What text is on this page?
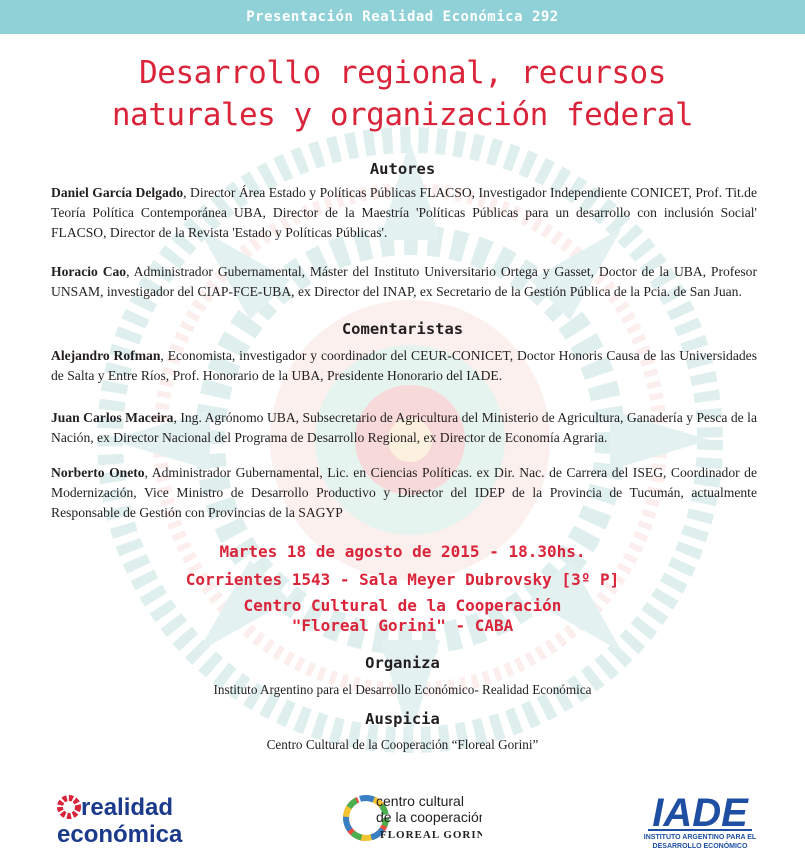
Presentación Realidad Económica 292
Desarrollo regional, recursos
naturales y organización federal
Autores
Daniel García Delgado, Director Área Estado y Políticas Públicas FLACSO, Investigador Independiente CONICET, Prof. Tit.de Teoría Política Contemporánea UBA, Director de la Maestría 'Políticas Públicas para un desarrollo con inclusión Social' FLACSO, Director de la Revista 'Estado y Políticas Públicas'.
Horacio Cao, Administrador Gubernamental, Máster del Instituto Universitario Ortega y Gasset, Doctor de la UBA, Profesor UNSAM, investigador del CIAP-FCE-UBA, ex Director del INAP, ex Secretario de la Gestión Pública de la Pcia. de San Juan.
Comentaristas
Alejandro Rofman, Economista, investigador y coordinador del CEUR-CONICET, Doctor Honoris Causa de las Universidades de Salta y Entre Ríos, Prof. Honorario de la UBA, Presidente Honorario del IADE.
Juan Carlos Maceira, Ing. Agrónomo UBA, Subsecretario de Agricultura del Ministerio de Agricultura, Ganadería y Pesca de la Nación, ex Director Nacional del Programa de Desarrollo Regional, ex Director de Economía Agraria.
Norberto Oneto, Administrador Gubernamental, Lic. en Ciencias Políticas. ex Dir. Nac. de Carrera del ISEG, Coordinador de Modernización, Vice Ministro de Desarrollo Productivo y Director del IDEP de la Provincia de Tucumán, actualmente Responsable de Gestión con Provincias de la SAGYP
Martes 18 de agosto de 2015 - 18.30hs.
Corrientes 1543 - Sala Meyer Dubrovsky [3º P]
Centro Cultural de la Cooperación
"Floreal Gorini" - CABA
Organiza
Instituto Argentino para el Desarrollo Económico- Realidad Económica
Auspicia
Centro Cultural de la Cooperación “Floreal Gorini”
realidad
económica
centro cultural
de la cooperación
FLOREAL GORINI	IADE
INSTITUTO ARGENTINO PARA EL
DESARROLLO ECONÓMICO
